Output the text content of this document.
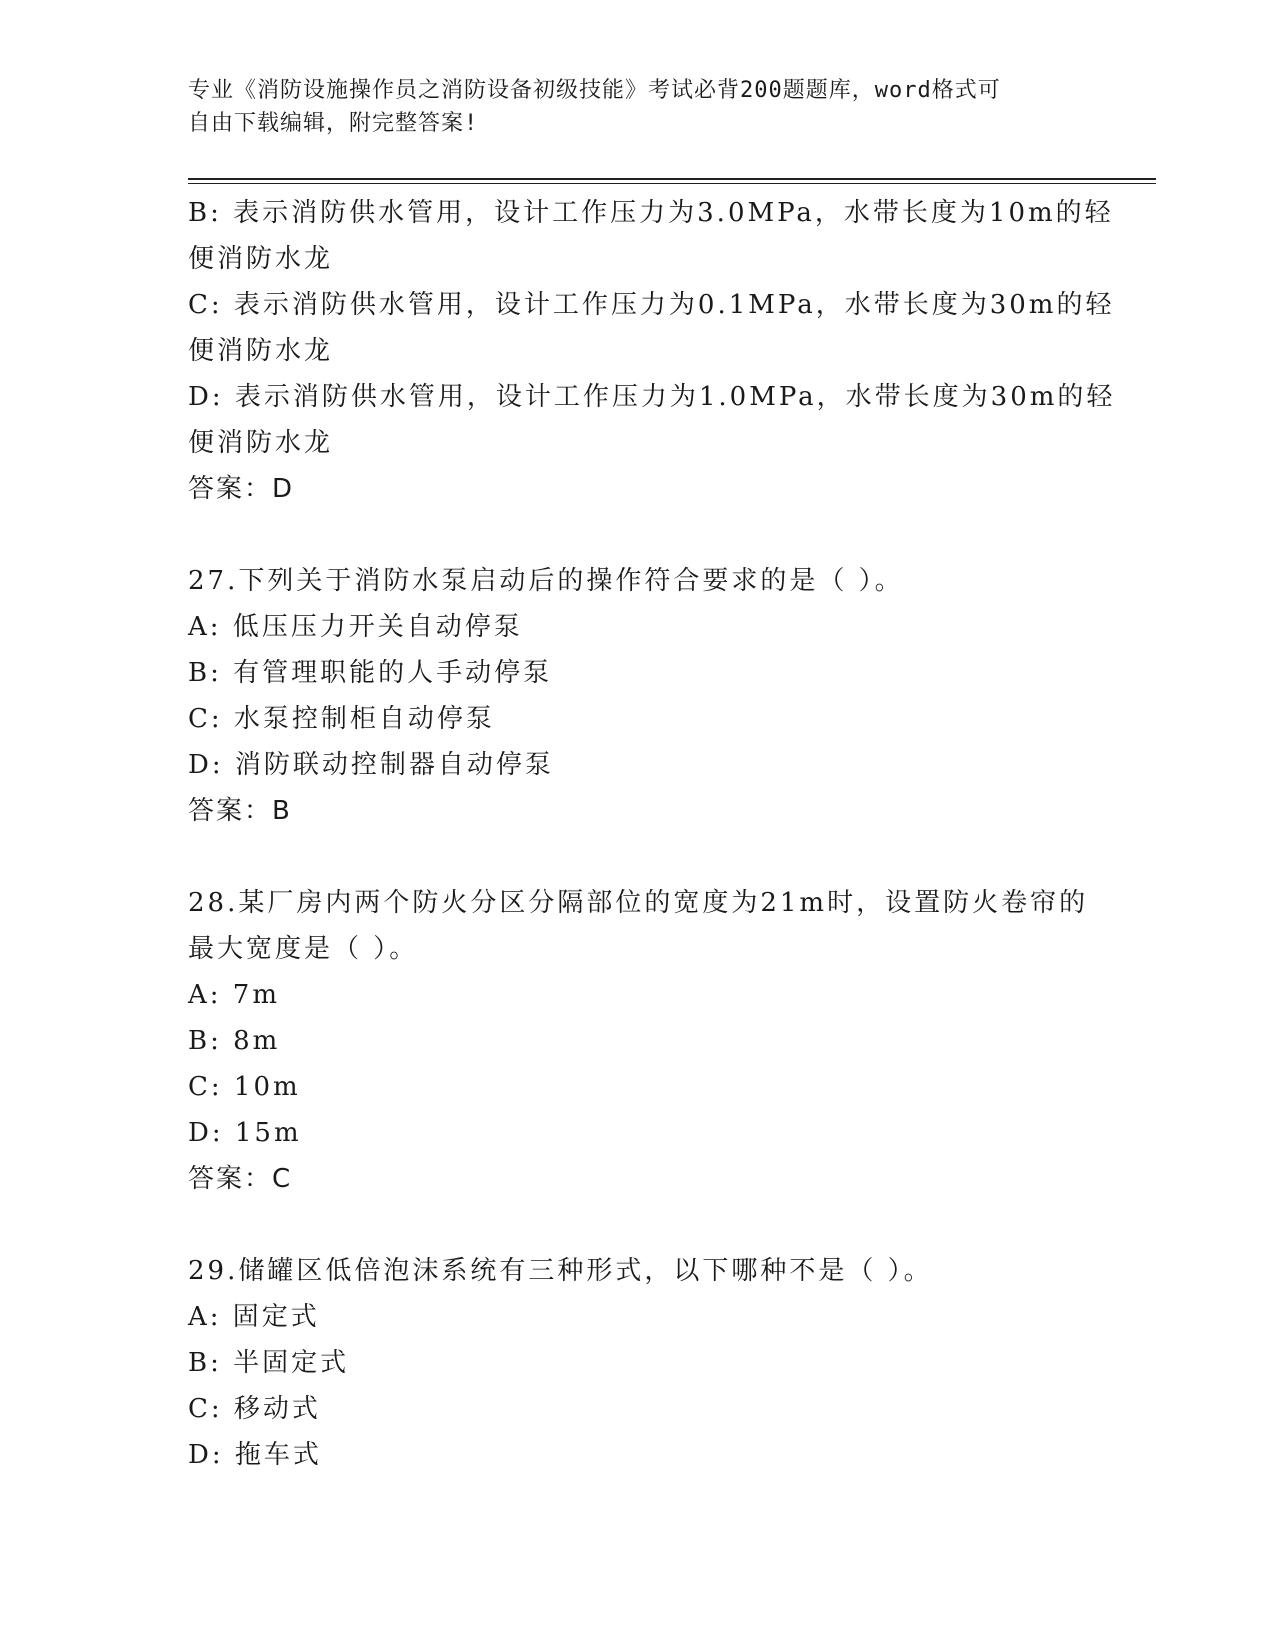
专业《消防设施操作员之消防设备初级技能》考试必背200题题库，word格式可
自由下载编辑，附完整答案!
B: 表示消防供水管用，设计工作压力为3.0MPa，水带长度为10m的轻
便消防水龙
C: 表示消防供水管用，设计工作压力为0.1MPa，水带长度为30m的轻
便消防水龙
D: 表示消防供水管用，设计工作压力为1.0MPa，水带长度为30m的轻
便消防水龙
答案：D
27.下列关于消防水泵启动后的操作符合要求的是（ ）。
A: 低压压力开关自动停泵
B: 有管理职能的人手动停泵
C: 水泵控制柜自动停泵
D: 消防联动控制器自动停泵
答案：B
28.某厂房内两个防火分区分隔部位的宽度为21m时，设置防火卷帘的
最大宽度是（ ）。
A: 7m
B: 8m
C: 10m
D: 15m
答案：C
29.储罐区低倍泡沫系统有三种形式，以下哪种不是（ ）。
A: 固定式
B: 半固定式
C: 移动式
D: 拖车式
